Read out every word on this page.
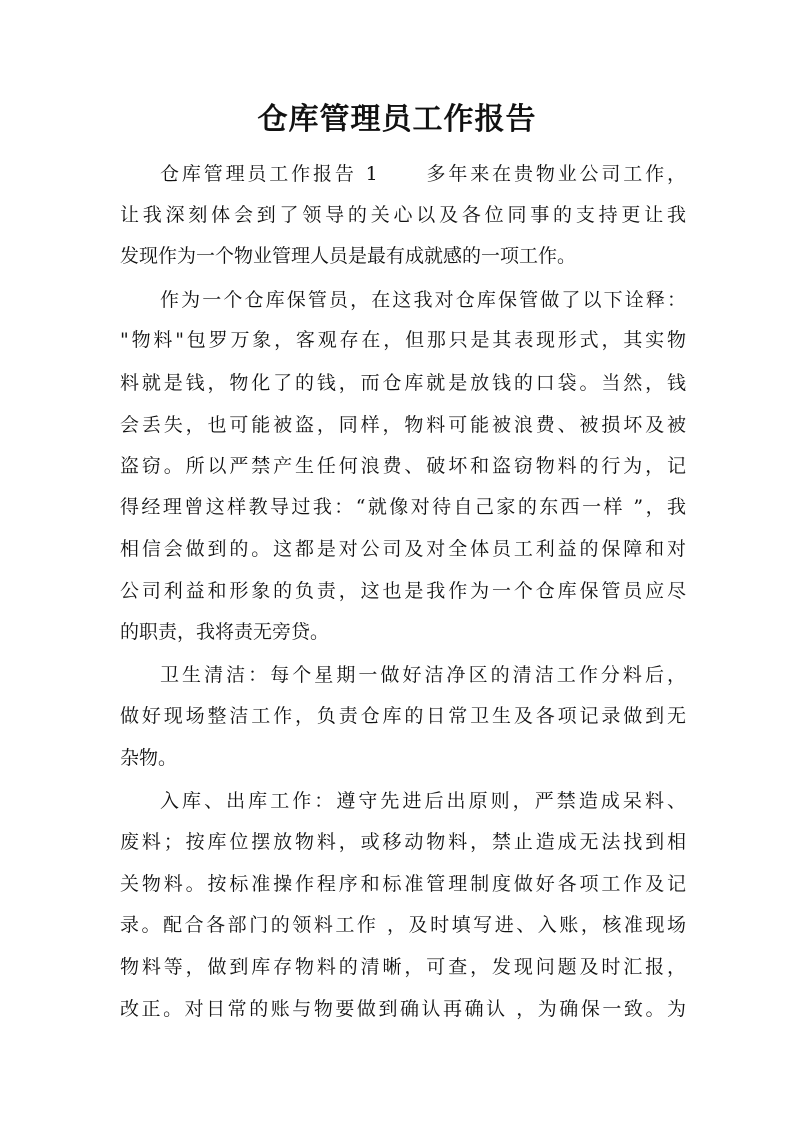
仓库管理员工作报告

仓库管理员工作报告 1 多年来在贵物业公司工作，

让我深刻体会到了领导的关心以及各位同事的支持更让我

发现作为一个物业管理人员是最有成就感的一项工作。

作为一个仓库保管员，在这我对仓库保管做了以下诠释：

"物料"包罗万象，客观存在，但那只是其表现形式，其实物

料就是钱，物化了的钱，而仓库就是放钱的口袋。当然，钱

会丢失，也可能被盗，同样，物料可能被浪费、被损坏及被

盗窃。所以严禁产生任何浪费、破坏和盗窃物料的行为，记

得经理曾这样教导过我：“就像对待自己家的东西一样 ”，我

相信会做到的。这都是对公司及对全体员工利益的保障和对

公司利益和形象的负责，这也是我作为一个仓库保管员应尽

的职责，我将责无旁贷。

卫生清洁：每个星期一做好洁净区的清洁工作分料后，

做好现场整洁工作，负责仓库的日常卫生及各项记录做到无

杂物。

入库、出库工作：遵守先进后出原则，严禁造成呆料、

废料；按库位摆放物料，或移动物料，禁止造成无法找到相

关物料。按标准操作程序和标准管理制度做好各项工作及记

录。配合各部门的领料工作 ，及时填写进、入账，核准现场

物料等，做到库存物料的清晰，可查，发现问题及时汇报，

改正。对日常的账与物要做到确认再确认 ，为确保一致。为
